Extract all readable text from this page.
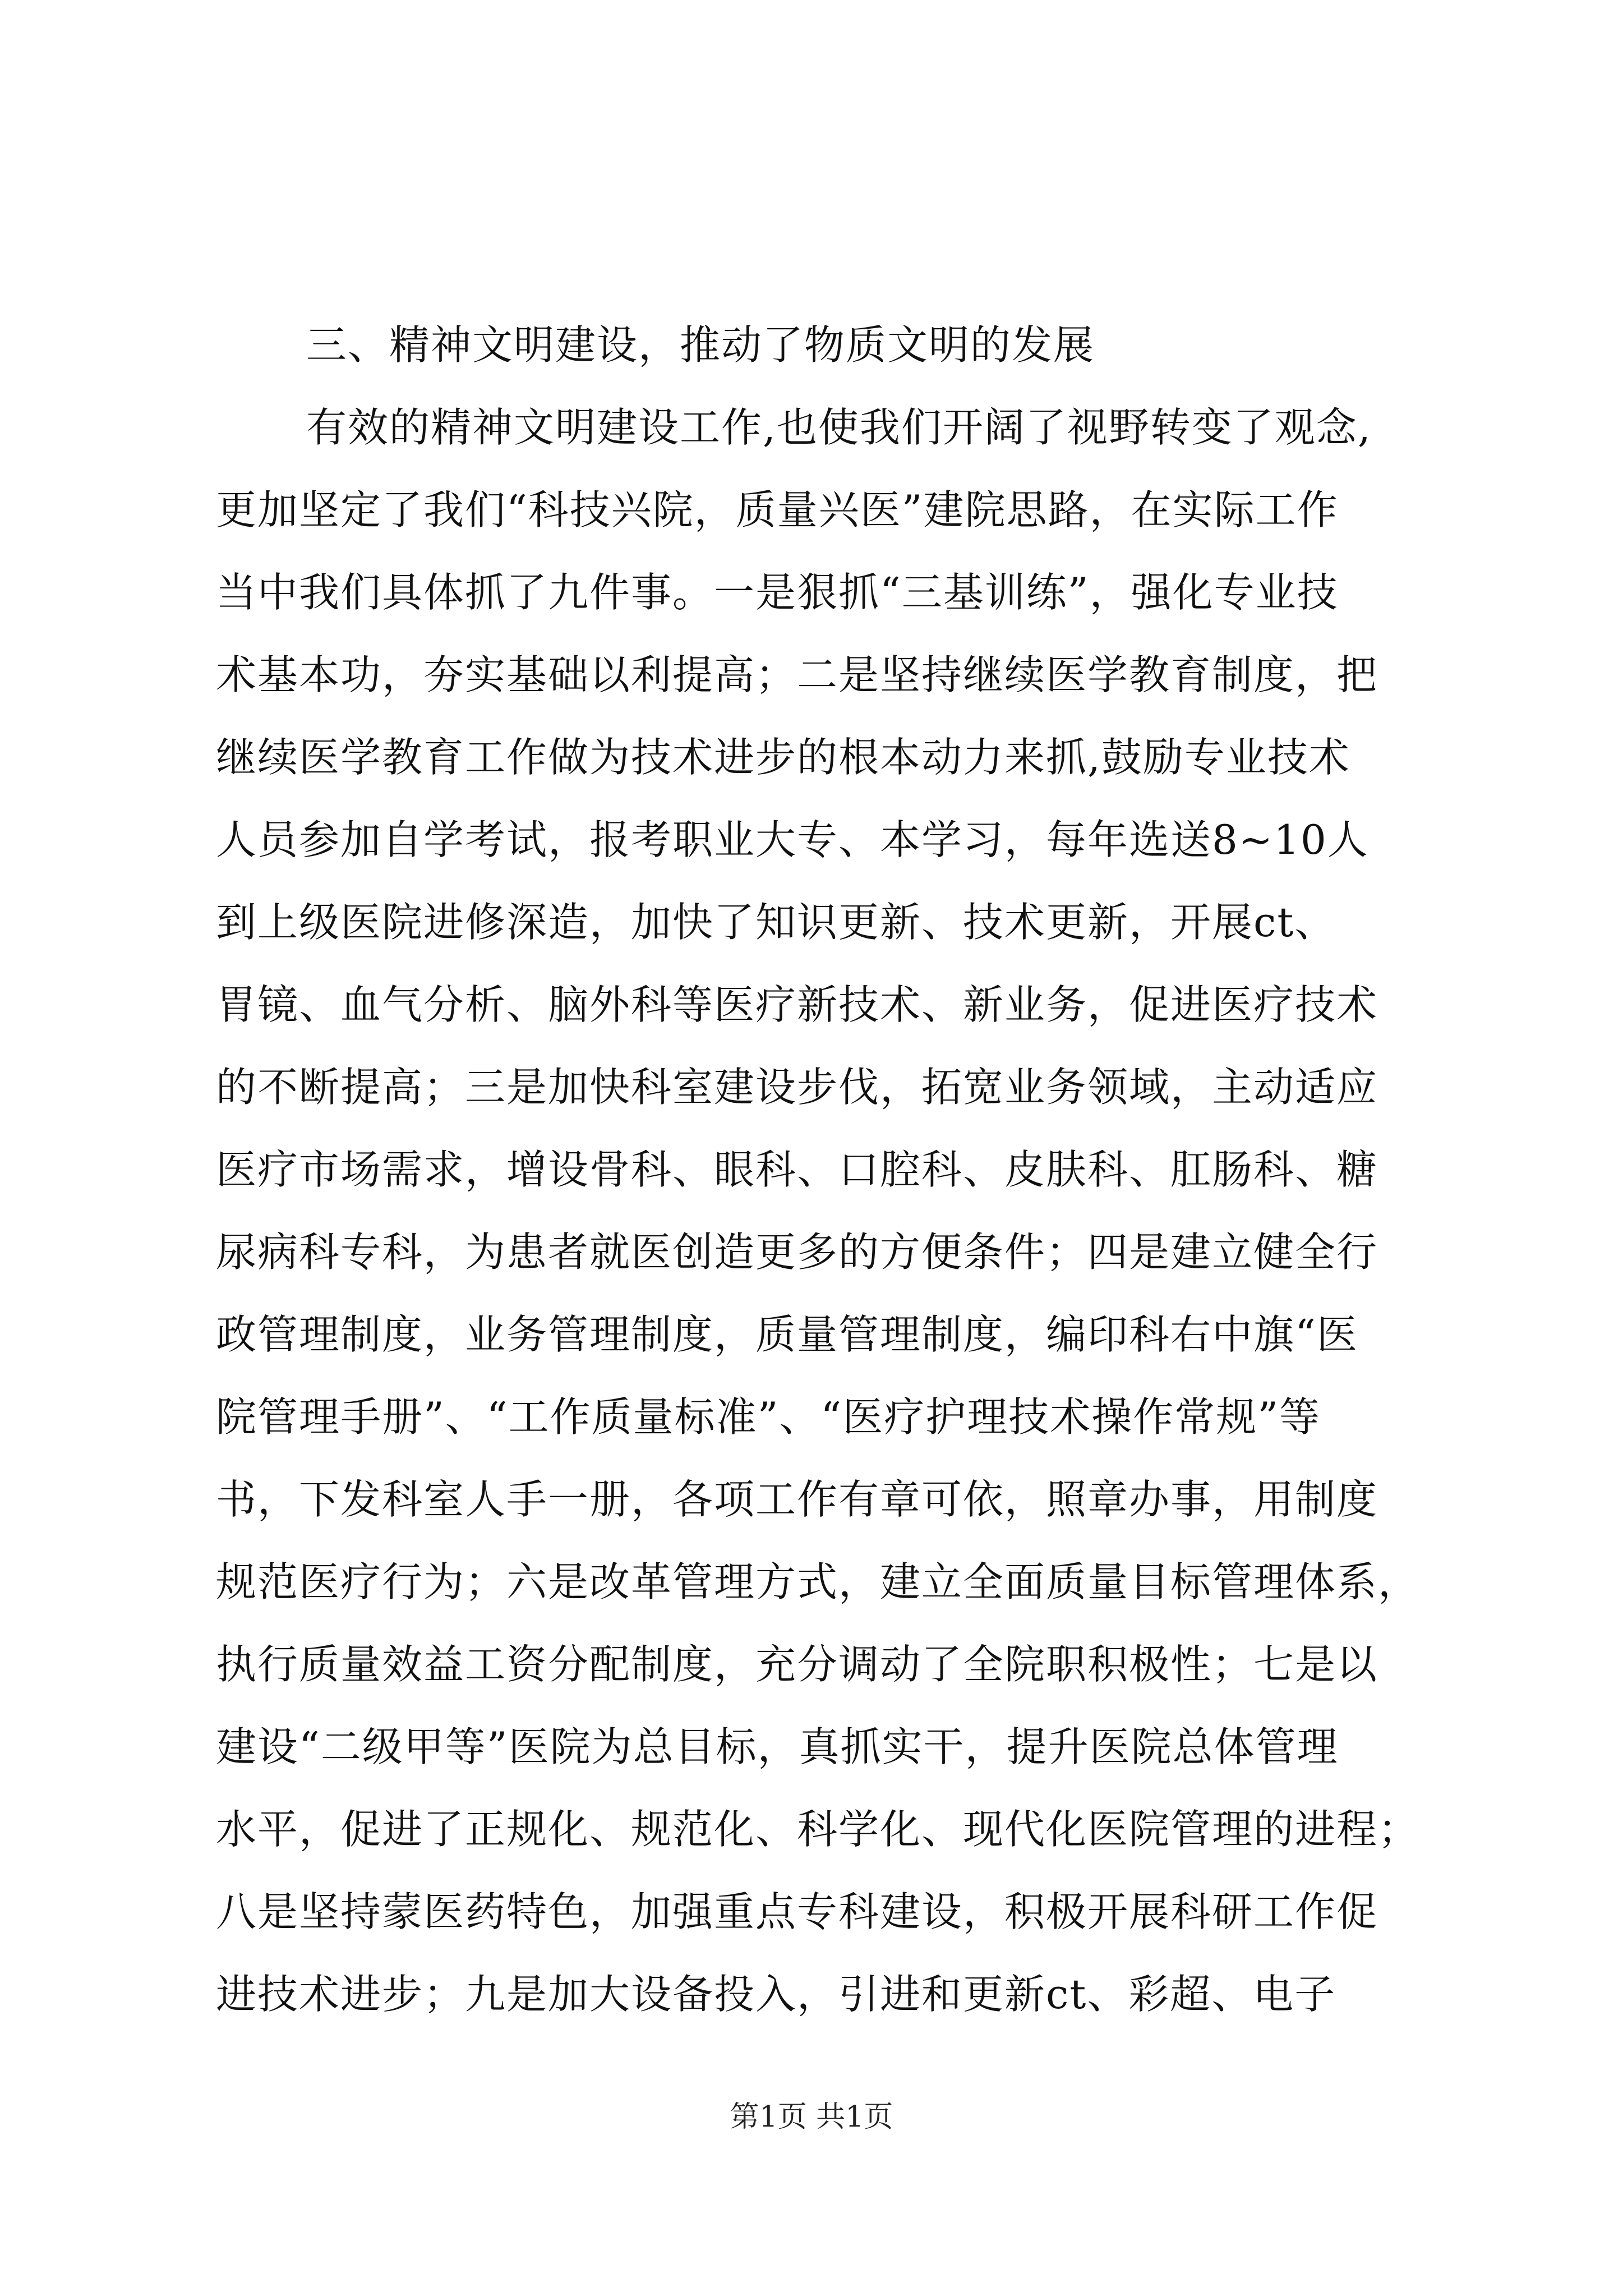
三、精神文明建设，推动了物质文明的发展

有效的精神文明建设工作,也使我们开阔了视野转变了观念,

更加坚定了我们“科技兴院，质量兴医”建院思路，在实际工作

当中我们具体抓了九件事。一是狠抓“三基训练”，强化专业技

术基本功，夯实基础以利提高；二是坚持继续医学教育制度，把

继续医学教育工作做为技术进步的根本动力来抓,鼓励专业技术

人员参加自学考试，报考职业大专、本学习，每年选送8~10人

到上级医院进修深造，加快了知识更新、技术更新，开展ct、

胃镜、血气分析、脑外科等医疗新技术、新业务，促进医疗技术

的不断提高；三是加快科室建设步伐，拓宽业务领域，主动适应

医疗市场需求，增设骨科、眼科、口腔科、皮肤科、肛肠科、糖

尿病科专科，为患者就医创造更多的方便条件；四是建立健全行

政管理制度，业务管理制度，质量管理制度，编印科右中旗“医

院管理手册”、“工作质量标准”、“医疗护理技术操作常规”等

书，下发科室人手一册，各项工作有章可依，照章办事，用制度

规范医疗行为；六是改革管理方式，建立全面质量目标管理体系，

执行质量效益工资分配制度，充分调动了全院职积极性；七是以

建设“二级甲等”医院为总目标，真抓实干，提升医院总体管理

水平，促进了正规化、规范化、科学化、现代化医院管理的进程；

八是坚持蒙医药特色，加强重点专科建设，积极开展科研工作促

进技术进步；九是加大设备投入，引进和更新ct、彩超、电子

第1页 共1页
